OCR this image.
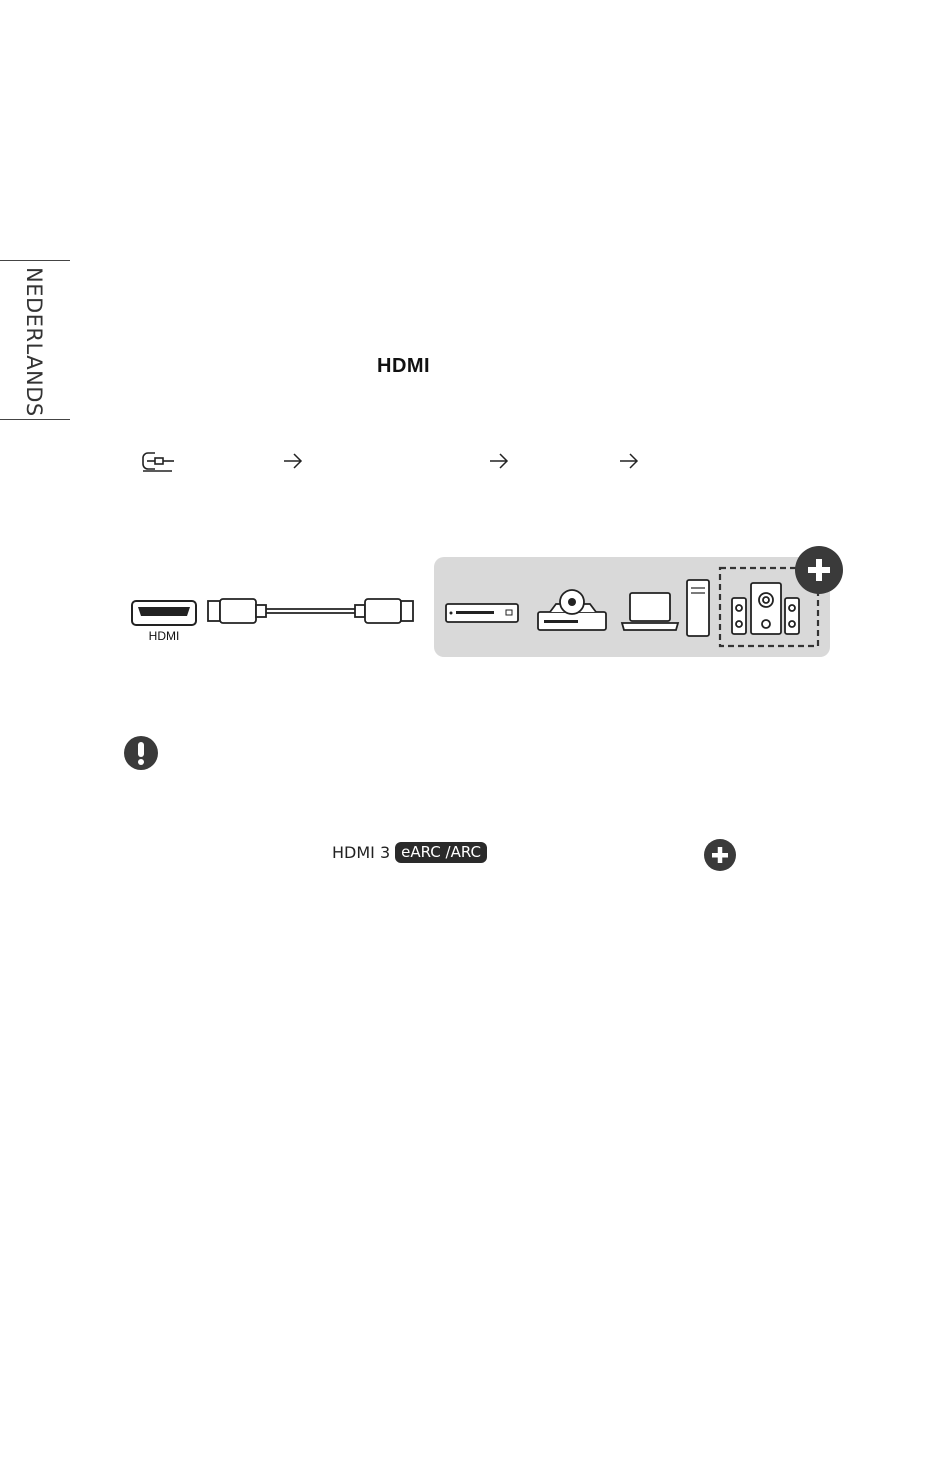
NEDERLANDS	HDMI
HDMI
HDMI 3 eARC /ARC
